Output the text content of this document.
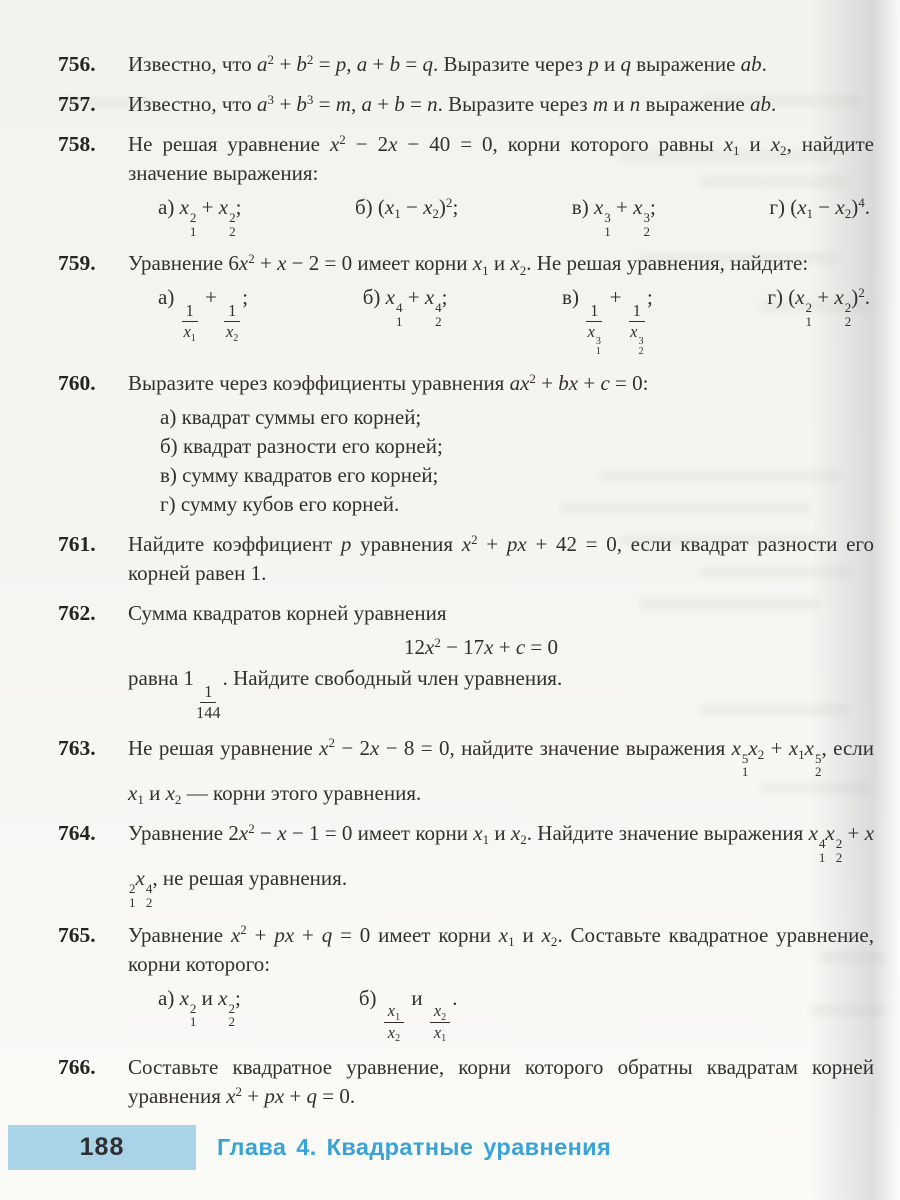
756.	Известно, что $a^2 + b^2 = p$, a + b = q. Выразите через p и q выражение ab.

757.	Известно, что $a^3 + b^3 = m$, a + b = n. Выразите через m и n выражение ab.

758.	Не решая уравнение $x^2 - 2x - 40 = 0$, корни которого равны $x_1$ и $x_2$, найдите значение выражения:

а) x 2
1
+ x 2
2
;	б) $(x_1 - x_2)^2$;	в) x 3
1
+ x 3
2
;	г) $(x_1 - x_2)^4$.
759.	Уравнение $6x^2 + x - 2 = 0$ имеет корни $x_1$ и $x_2$. Не решая уравнения, найдите:

а)
$\frac{1}{x_1}$
+
$\frac{1}{x_2}$
;	б) x 4
1
+ x 4
2
;	в)
1
x 3
1
+
1
x 3
2
;	г) (x 2
1
+ x 2
2
)$^2$.
760.	Выразите через коэффициенты уравнения $ax^2$ + bx + c = 0:

а) квадрат суммы его корней;
б) квадрат разности его корней;
в) сумму квадратов его корней;
г) сумму кубов его корней.
761.	Найдите коэффициент p уравнения $x^2$ + px + 42 = 0, если квадрат разности его корней равен 1.

762.	Сумма квадратов корней уравнения

$12x^2 - 17x + c = 0$

равна 1
$\frac{1}{144}$
. Найдите свободный член уравнения.

763.	Не решая уравнение $x^2 - 2x - 8 = 0$, найдите значение выражения x 5
1
$x_2 + x_1x$ 5
2
, если $x_1$ и $x_2$ — корни этого уравнения.

764.	Уравнение $2x^2 - x - 1 = 0$ имеет корни $x_1$ и $x_2$. Найдите значение выражения x 4
1
x 2
2
+ x
2
1
x 4
2
, не решая уравнения.

765.	Уравнение $x^2$ + px + q = 0 имеет корни $x_1$ и $x_2$. Составьте квадратное уравнение, корни которого:

а) x 2
1
и x 2
2
;	б)
$\frac{x_1}{x_2}$
и
$\frac{x_2}{x_1}$
.
766.	Составьте квадратное уравнение, корни которого обратны квадратам корней уравнения $x^2$ + px + q = 0.

188	Глава 4. Квадратные уравнения
